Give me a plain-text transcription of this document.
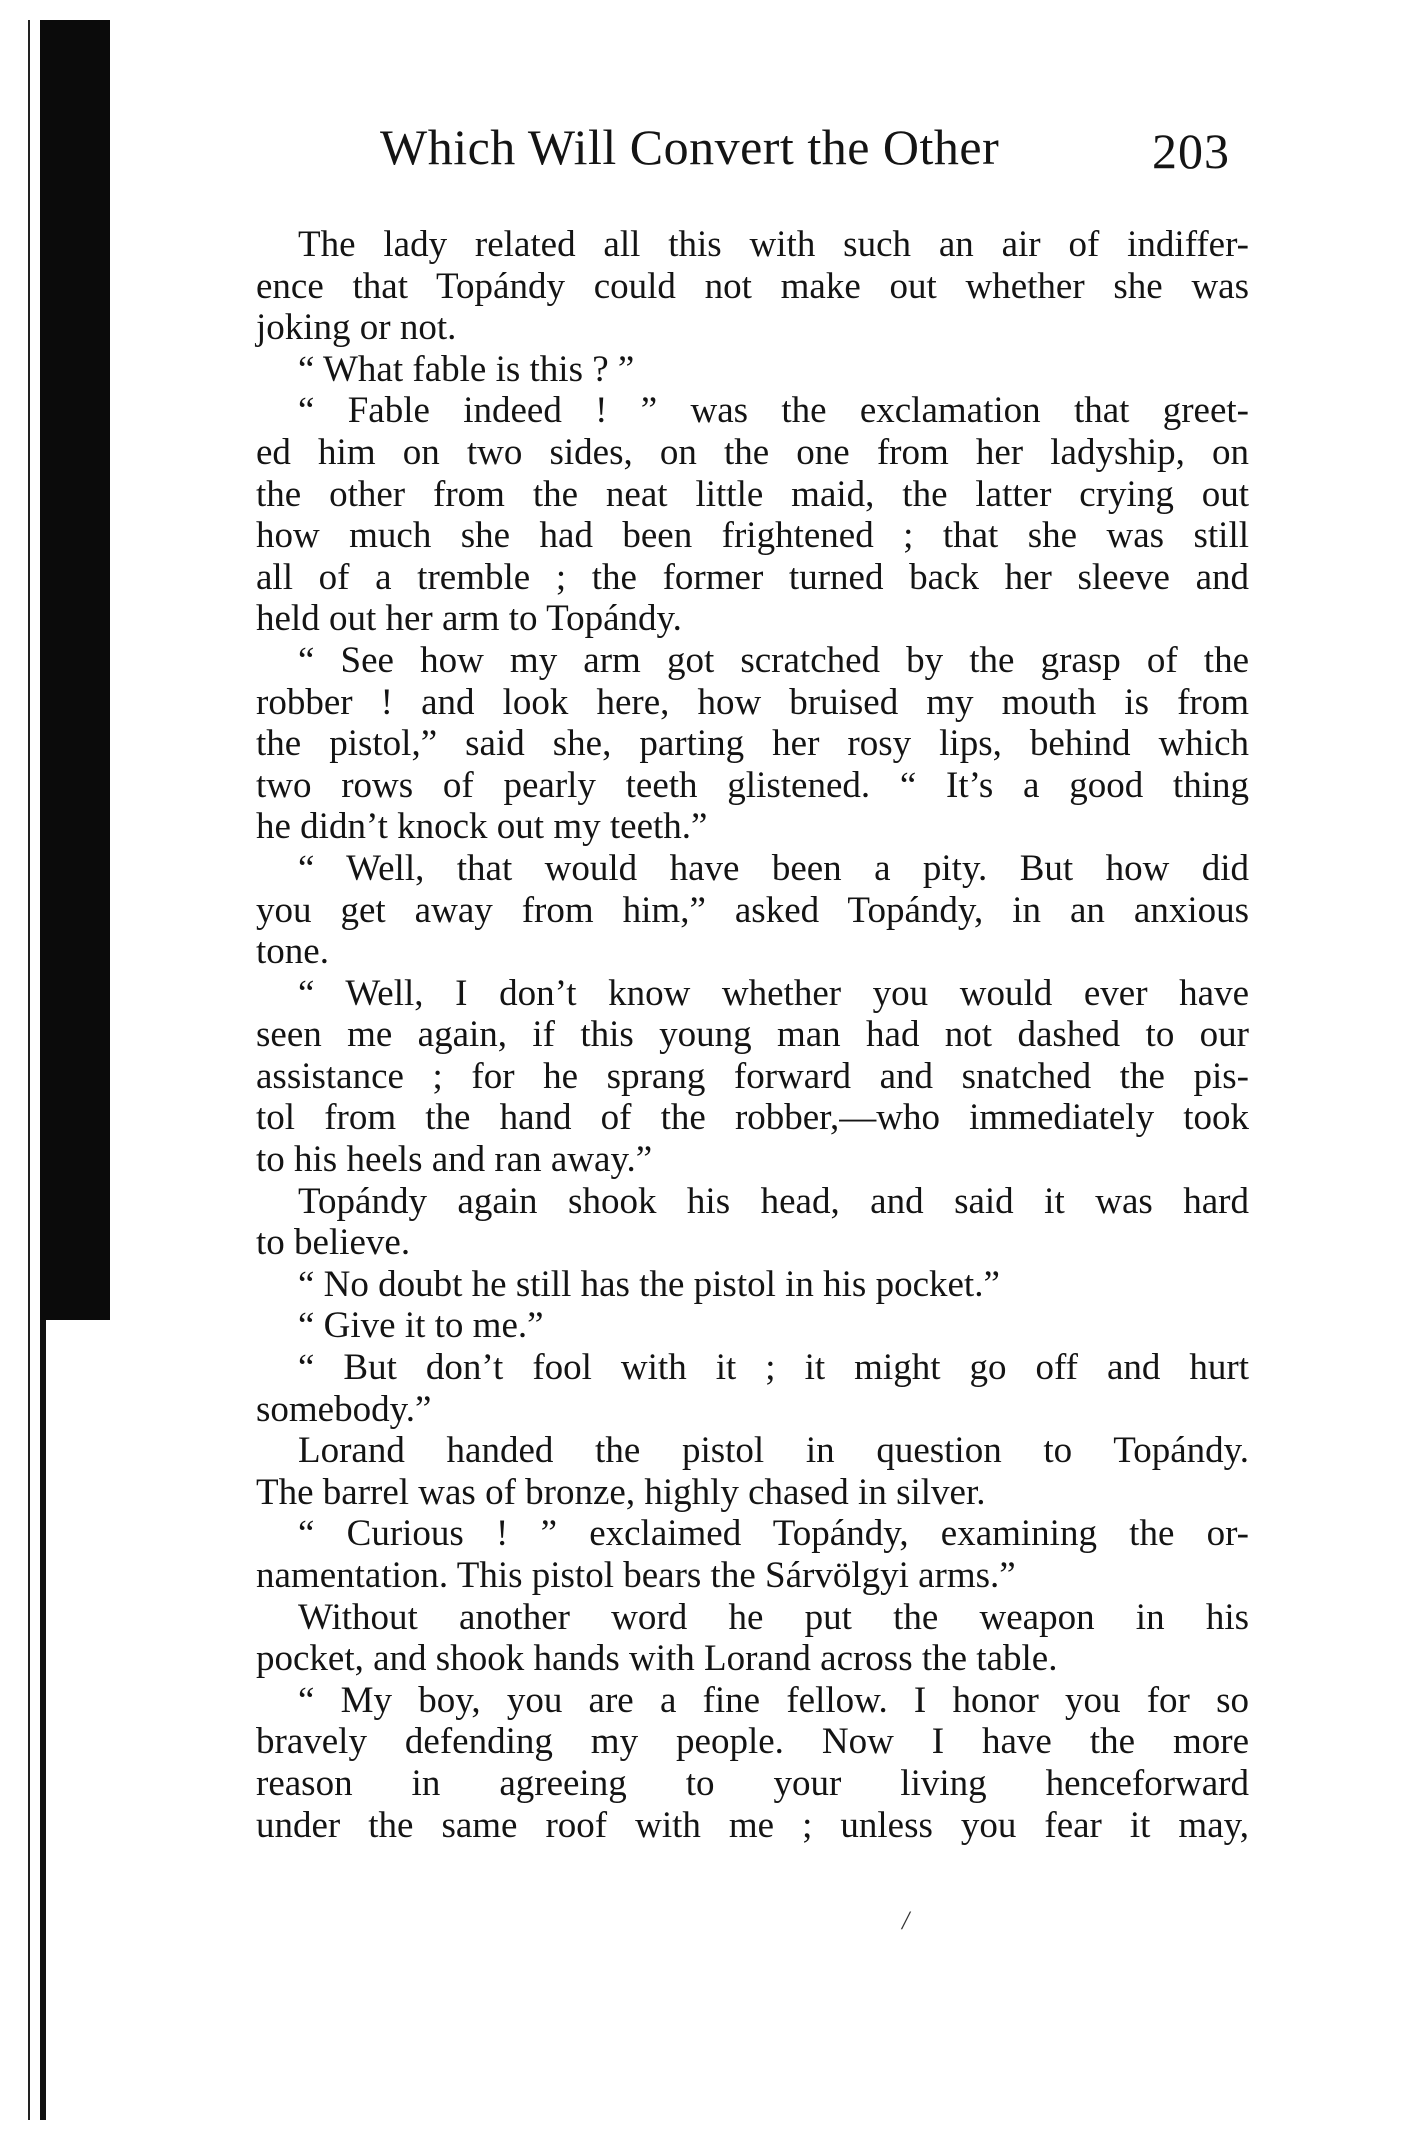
Which Will Convert the Other	203
The lady related all this with such an air of indiffer-
ence that Topándy could not make out whether she was
joking or not.
“ What fable is this ? ”
“ Fable indeed ! ” was the exclamation that greet-
ed him on two sides, on the one from her ladyship, on
the other from the neat little maid, the latter crying out
how much she had been frightened ; that she was still
all of a tremble ; the former turned back her sleeve and
held out her arm to Topándy.
“ See how my arm got scratched by the grasp of the
robber ! and look here, how bruised my mouth is from
the pistol,” said she, parting her rosy lips, behind which
two rows of pearly teeth glistened. “ It’s a good thing
he didn’t knock out my teeth.”
“ Well, that would have been a pity. But how did
you get away from him,” asked Topándy, in an anxious
tone.
“ Well, I don’t know whether you would ever have
seen me again, if this young man had not dashed to our
assistance ; for he sprang forward and snatched the pis-
tol from the hand of the robber,—who immediately took
to his heels and ran away.”
Topándy again shook his head, and said it was hard
to believe.
“ No doubt he still has the pistol in his pocket.”
“ Give it to me.”
“ But don’t fool with it ; it might go off and hurt
somebody.”
Lorand handed the pistol in question to Topándy.
The barrel was of bronze, highly chased in silver.
“ Curious ! ” exclaimed Topándy, examining the or-
namentation. This pistol bears the Sárvölgyi arms.”
Without another word he put the weapon in his
pocket, and shook hands with Lorand across the table.
“ My boy, you are a fine fellow. I honor you for so
bravely defending my people. Now I have the more
reason in agreeing to your living henceforward
under the same roof with me ; unless you fear it may,
/
